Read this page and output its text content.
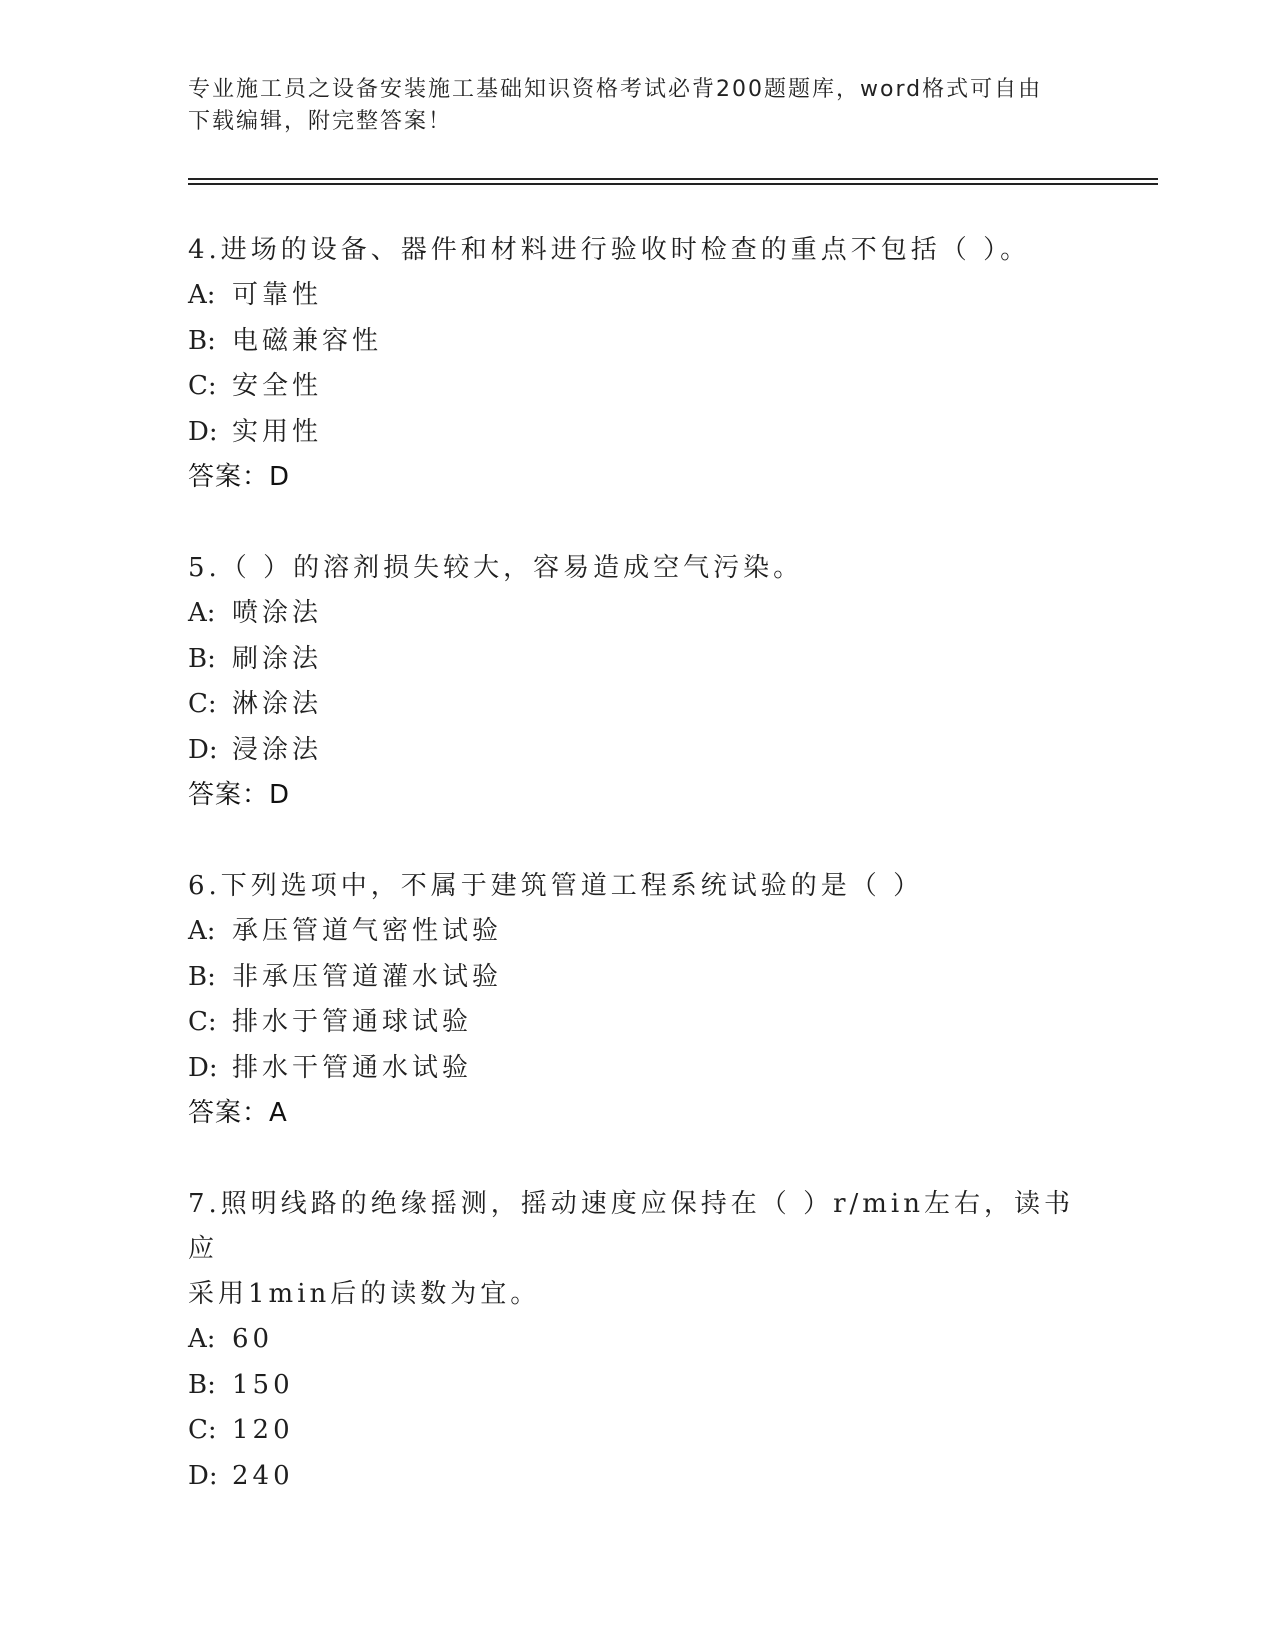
专业施工员之设备安装施工基础知识资格考试必背200题题库，word格式可自由
下载编辑，附完整答案！
4.进场的设备、器件和材料进行验收时检查的重点不包括（ ）。
A: 可靠性
B: 电磁兼容性
C: 安全性
D: 实用性
答案：D
5.（ ）的溶剂损失较大，容易造成空气污染。
A: 喷涂法
B: 刷涂法
C: 淋涂法
D: 浸涂法
答案：D
6.下列选项中，不属于建筑管道工程系统试验的是（ ）
A: 承压管道气密性试验
B: 非承压管道灌水试验
C: 排水于管通球试验
D: 排水干管通水试验
答案：A
7.照明线路的绝缘摇测，摇动速度应保持在（ ）r/min左右，读书应
采用1min后的读数为宜。
A: 60
B: 150
C: 120
D: 240
